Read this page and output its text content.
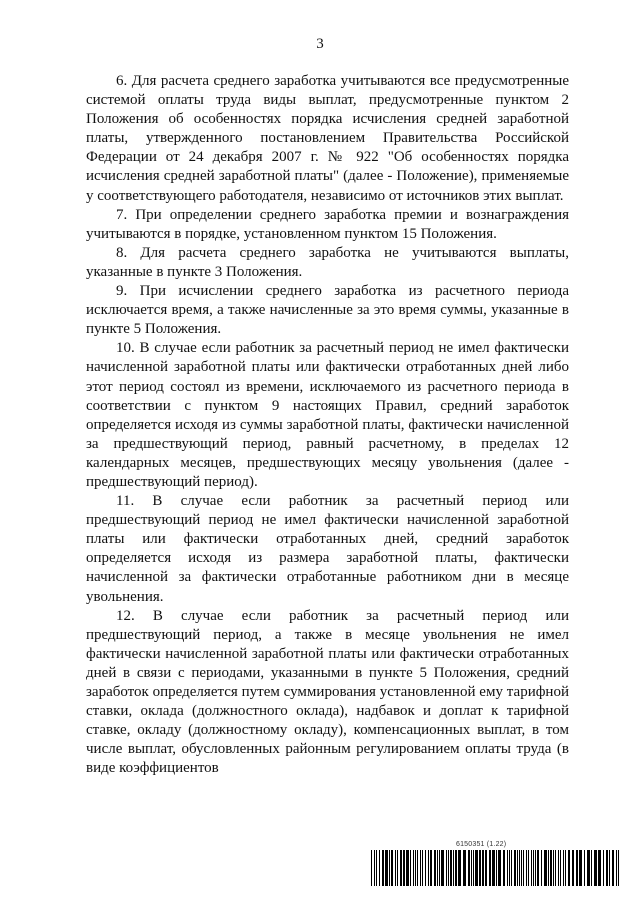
3

6. Для расчета среднего заработка учитываются все предусмотренные системой оплаты труда виды выплат, предусмотренные пунктом 2 Положения об особенностях порядка исчисления средней заработной платы, утвержденного постановлением Правительства Российской Федерации от 24 декабря 2007 г. № 922 "Об особенностях порядка исчисления средней заработной платы" (далее - Положение), применяемые у соответствующего работодателя, независимо от источников этих выплат.

7. При определении среднего заработка премии и вознаграждения учитываются в порядке, установленном пунктом 15 Положения.

8. Для расчета среднего заработка не учитываются выплаты, указанные в пункте 3 Положения.

9. При исчислении среднего заработка из расчетного периода исключается время, а также начисленные за это время суммы, указанные в пункте 5 Положения.

10. В случае если работник за расчетный период не имел фактически начисленной заработной платы или фактически отработанных дней либо этот период состоял из времени, исключаемого из расчетного периода в соответствии с пунктом 9 настоящих Правил, средний заработок определяется исходя из суммы заработной платы, фактически начисленной за предшествующий период, равный расчетному, в пределах 12 календарных месяцев, предшествующих месяцу увольнения (далее - предшествующий период).

11. В случае если работник за расчетный период или предшествующий период не имел фактически начисленной заработной платы или фактически отработанных дней, средний заработок определяется исходя из размера заработной платы, фактически начисленной за фактически отработанные работником дни в месяце увольнения.

12. В случае если работник за расчетный период или предшествующий период, а также в месяце увольнения не имел фактически начисленной заработной платы или фактически отработанных дней в связи с периодами, указанными в пункте 5 Положения, средний заработок определяется путем суммирования установленной ему тарифной ставки, оклада (должностного оклада), надбавок и доплат к тарифной ставке, окладу (должностному окладу), компенсационных выплат, в том числе выплат, обусловленных районным регулированием оплаты труда (в виде коэффициентов

6150351 (1.22)
